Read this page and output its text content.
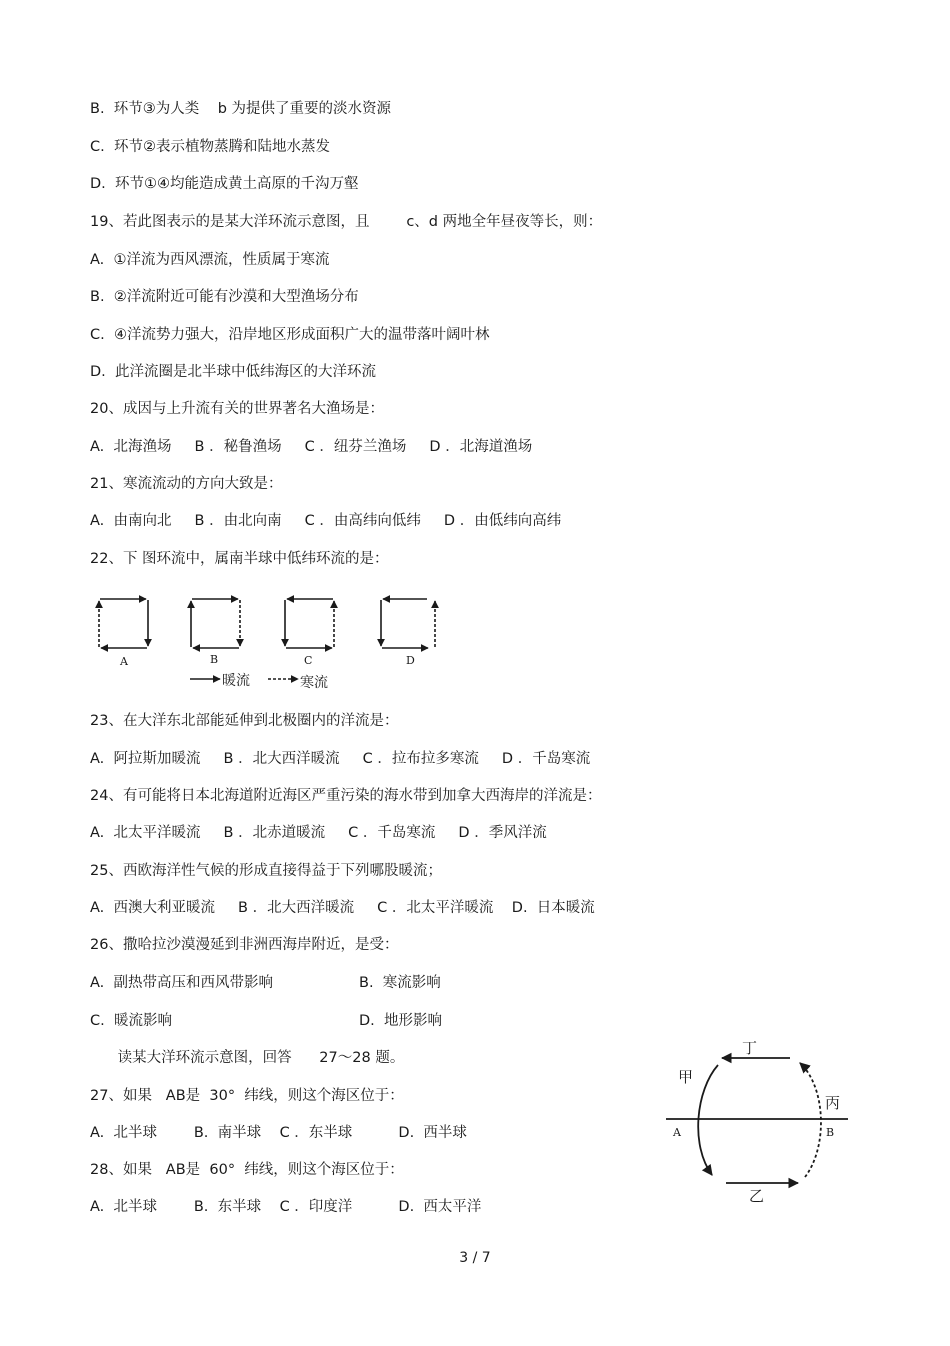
B.  环节③为人类    b 为提供了重要的淡水资源
C.  环节②表示植物蒸腾和陆地水蒸发
D.  环节①④均能造成黄土高原的千沟万壑
19、若此图表示的是某大洋环流示意图，且        c、d 两地全年昼夜等长，则：
A.  ①洋流为西风漂流，性质属于寒流
B.  ②洋流附近可能有沙漠和大型渔场分布
C.  ④洋流势力强大，沿岸地区形成面积广大的温带落叶阔叶林
D.  此洋流圈是北半球中低纬海区的大洋环流
20、成因与上升流有关的世界著名大渔场是：
A.  北海渔场     B ．秘鲁渔场     C ．纽芬兰渔场     D ．北海道渔场
21、寒流流动的方向大致是：
A.  由南向北     B ．由北向南     C ．由高纬向低纬     D ．由低纬向高纬
22、下 图环流中，属南半球中低纬环流的是：
A	B	C	D
暖流	寒流
23、在大洋东北部能延伸到北极圈内的洋流是：
A.  阿拉斯加暖流     B ．北大西洋暖流     C ．拉布拉多寒流     D ．千岛寒流
24、有可能将日本北海道附近海区严重污染的海水带到加拿大西海岸的洋流是：
A.  北太平洋暖流     B ．北赤道暖流     C ．千岛寒流     D ．季风洋流
25、西欧海洋性气候的形成直接得益于下列哪股暖流；
A.  西澳大利亚暖流     B ．北大西洋暖流     C ．北太平洋暖流    D.  日本暖流
26、撒哈拉沙漠漫延到非洲西海岸附近，是受：
A.  副热带高压和西风带影响	B.  寒流影响
C.  暖流影响	D.  地形影响
读某大洋环流示意图，回答      27～28 题。
27、如果   AB是  30°  纬线，则这个海区位于：
A.  北半球        B.  南半球    C ．东半球          D.  西半球
28、如果   AB是  60°  纬线，则这个海区位于：
A.  北半球        B.  东半球    C ．印度洋          D.  西太平洋
丁
甲
丙
乙
A	B
3 / 7
